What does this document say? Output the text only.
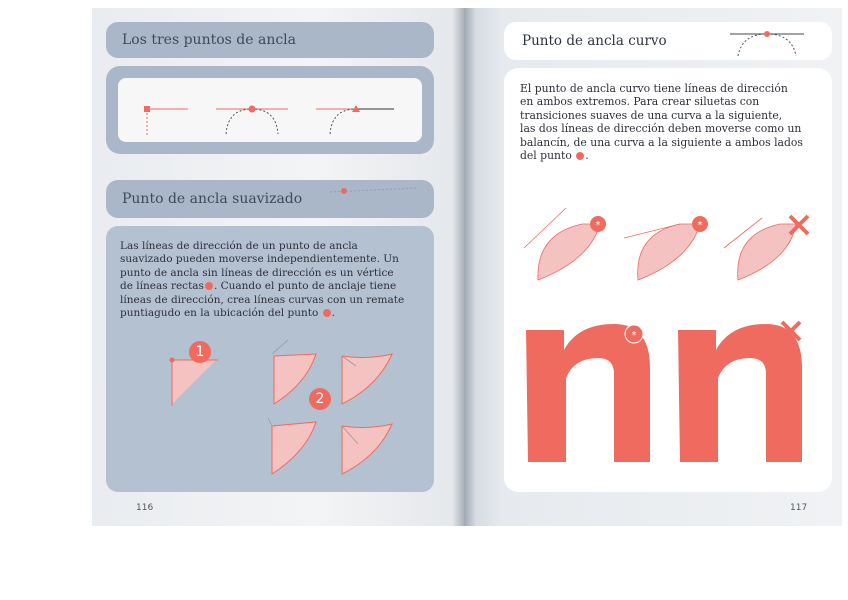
Los tres puntos de ancla
Punto de ancla suavizado

Las líneas de dirección de un punto de ancla

suavizado pueden moverse independientemente. Un

punto de ancla sin líneas de dirección es un vértice

de líneas rectas . Cuando el punto de anclaje tiene

líneas de dirección, crea líneas curvas con un remate

puntiagudo en la ubicación del punto .

1
2
116
Punto de ancla curvo

El punto de ancla curvo tiene líneas de dirección

en ambos extremos. Para crear siluetas con

transiciones suaves de una curva a la siguiente,

las dos líneas de dirección deben moverse como un

balancín, de una curva a la siguiente a ambos lados

del punto .

*	*
*
117
